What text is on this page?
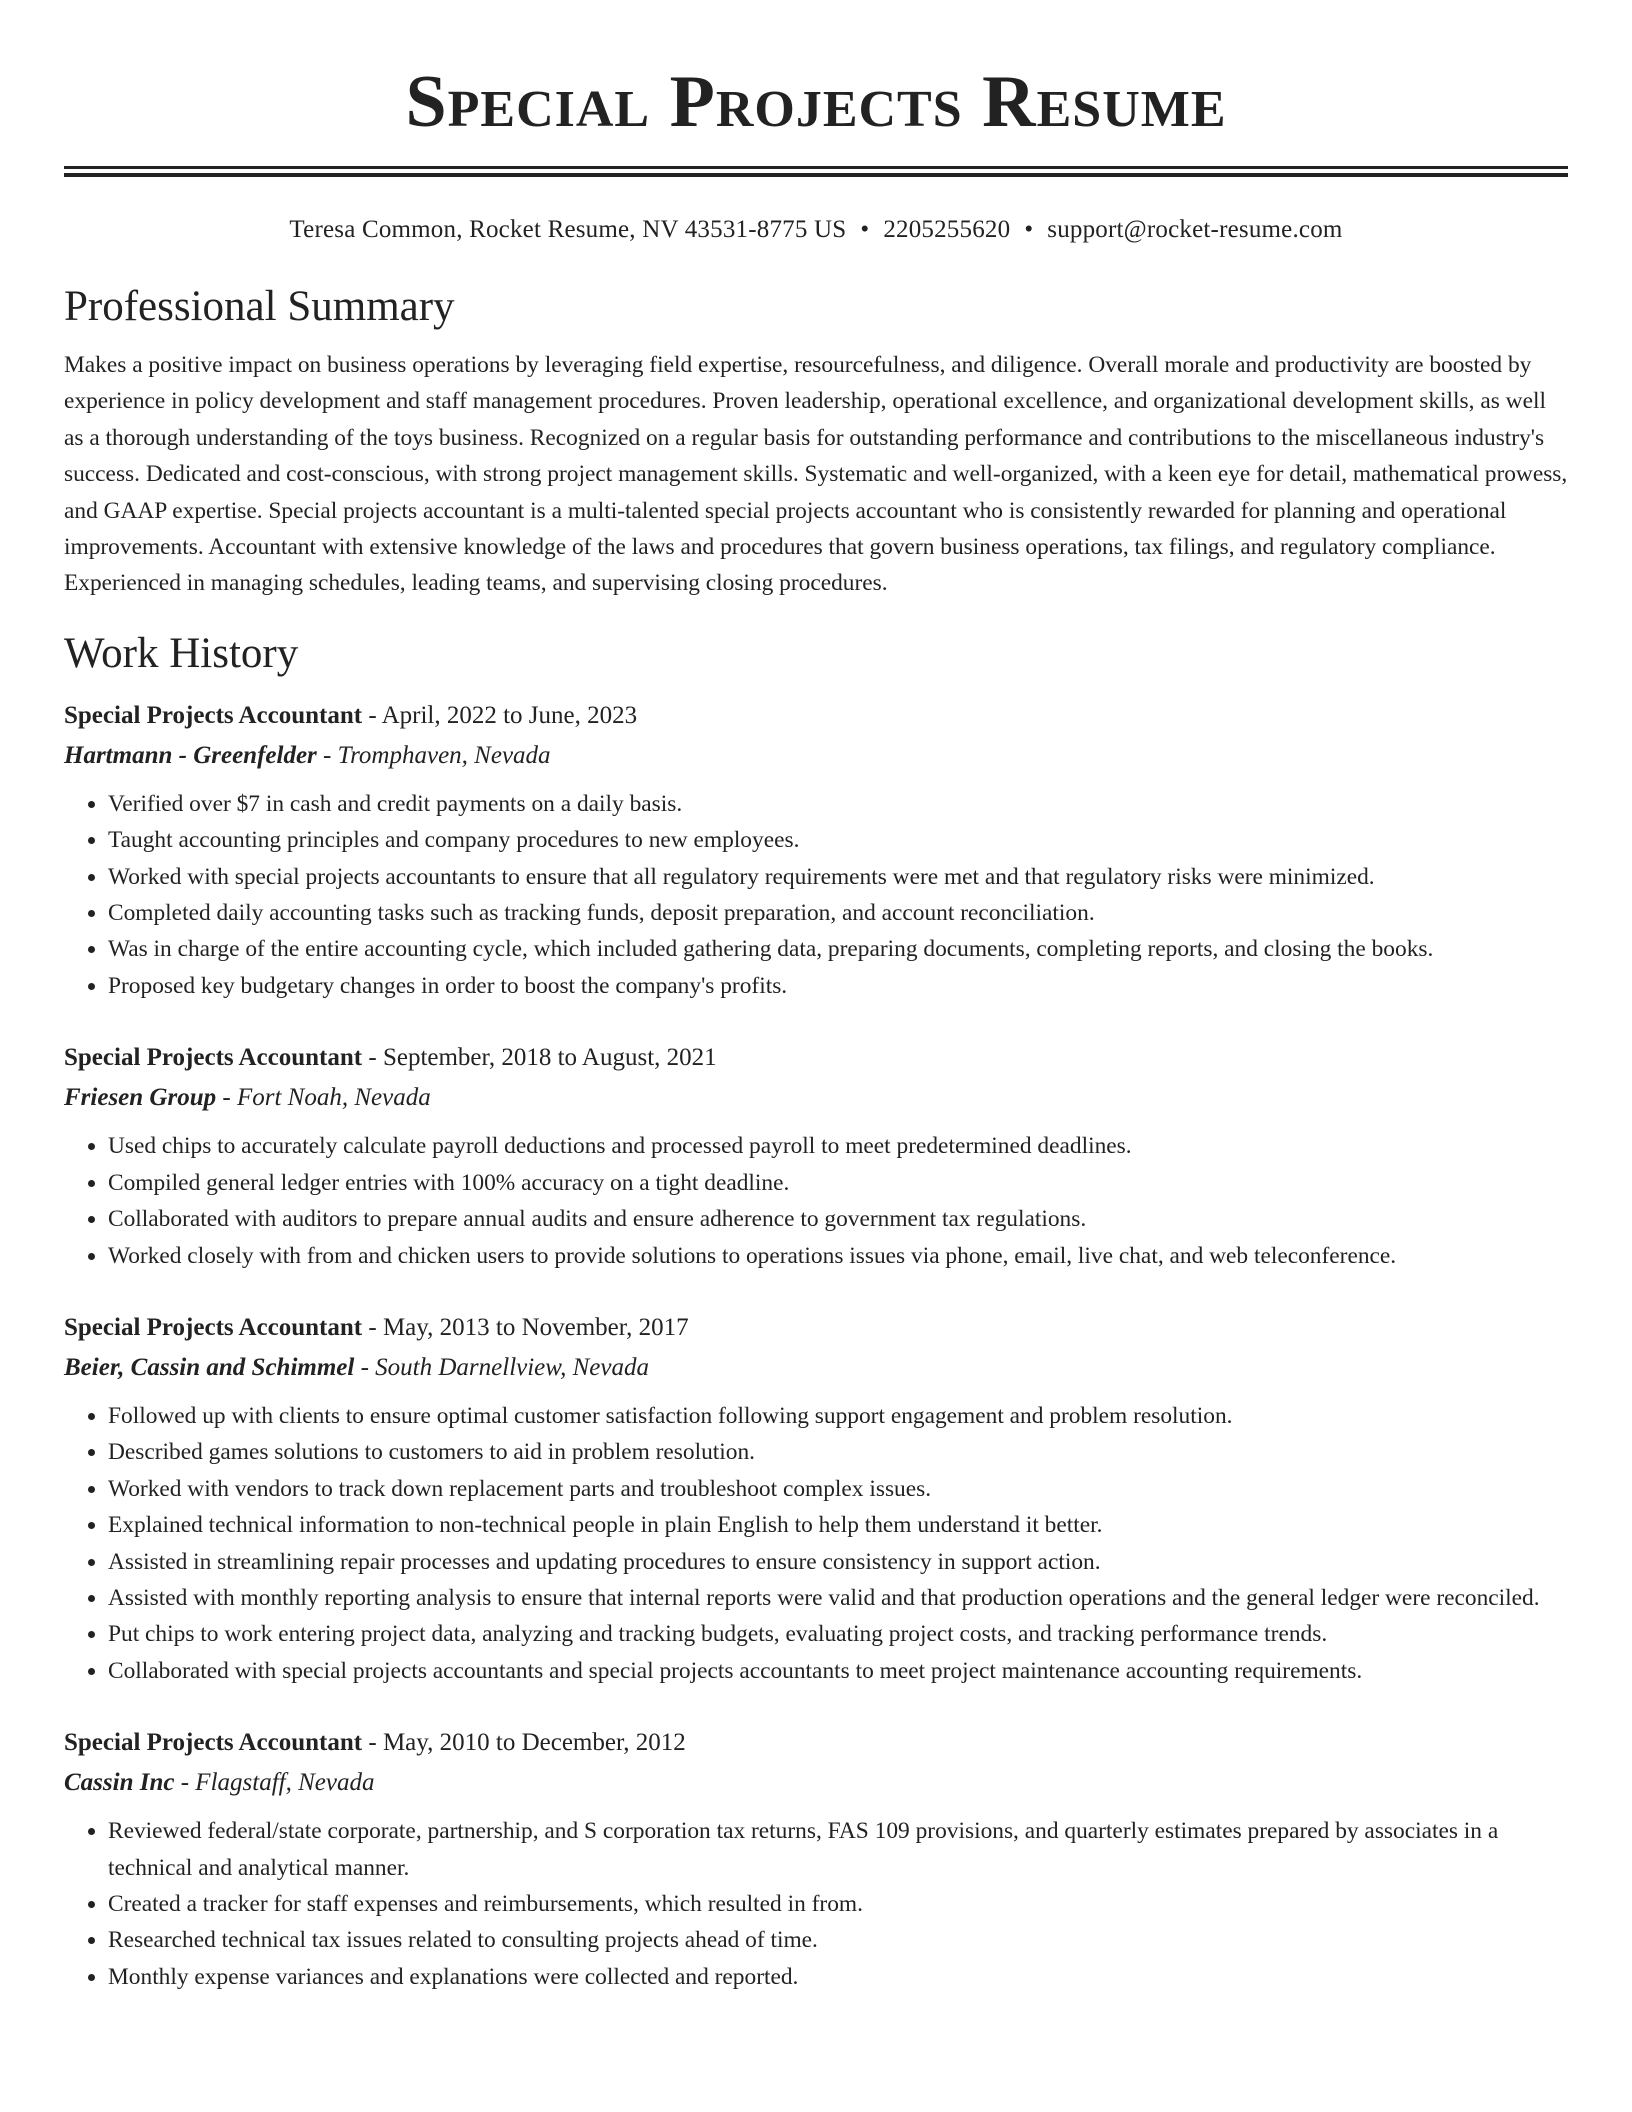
Special Projects Resume
Teresa Common, Rocket Resume, NV 43531-8775 US • 2205255620 • support@rocket-resume.com
Professional Summary

Makes a positive impact on business operations by leveraging field expertise, resourcefulness, and diligence. Overall morale and productivity are boosted by experience in policy development and staff management procedures. Proven leadership, operational excellence, and organizational development skills, as well as a thorough understanding of the toys business. Recognized on a regular basis for outstanding performance and contributions to the miscellaneous industry's success. Dedicated and cost-conscious, with strong project management skills. Systematic and well-organized, with a keen eye for detail, mathematical prowess, and GAAP expertise. Special projects accountant is a multi-talented special projects accountant who is consistently rewarded for planning and operational improvements. Accountant with extensive knowledge of the laws and procedures that govern business operations, tax filings, and regulatory compliance. Experienced in managing schedules, leading teams, and supervising closing procedures.

Work History
Special Projects Accountant - April, 2022 to June, 2023
Hartmann - Greenfelder - Tromphaven, Nevada
• Verified over $7 in cash and credit payments on a daily basis.
• Taught accounting principles and company procedures to new employees.
• Worked with special projects accountants to ensure that all regulatory requirements were met and that regulatory risks were minimized.
• Completed daily accounting tasks such as tracking funds, deposit preparation, and account reconciliation.
• Was in charge of the entire accounting cycle, which included gathering data, preparing documents, completing reports, and closing the books.
• Proposed key budgetary changes in order to boost the company's profits.
Special Projects Accountant - September, 2018 to August, 2021
Friesen Group - Fort Noah, Nevada
• Used chips to accurately calculate payroll deductions and processed payroll to meet predetermined deadlines.
• Compiled general ledger entries with 100% accuracy on a tight deadline.
• Collaborated with auditors to prepare annual audits and ensure adherence to government tax regulations.
• Worked closely with from and chicken users to provide solutions to operations issues via phone, email, live chat, and web teleconference.
Special Projects Accountant - May, 2013 to November, 2017
Beier, Cassin and Schimmel - South Darnellview, Nevada
• Followed up with clients to ensure optimal customer satisfaction following support engagement and problem resolution.
• Described games solutions to customers to aid in problem resolution.
• Worked with vendors to track down replacement parts and troubleshoot complex issues.
• Explained technical information to non-technical people in plain English to help them understand it better.
• Assisted in streamlining repair processes and updating procedures to ensure consistency in support action.
• Assisted with monthly reporting analysis to ensure that internal reports were valid and that production operations and the general ledger were reconciled.
• Put chips to work entering project data, analyzing and tracking budgets, evaluating project costs, and tracking performance trends.
• Collaborated with special projects accountants and special projects accountants to meet project maintenance accounting requirements.
Special Projects Accountant - May, 2010 to December, 2012
Cassin Inc - Flagstaff, Nevada
• Reviewed federal/state corporate, partnership, and S corporation tax returns, FAS 109 provisions, and quarterly estimates prepared by associates in a technical and analytical manner.
• Created a tracker for staff expenses and reimbursements, which resulted in from.
• Researched technical tax issues related to consulting projects ahead of time.
• Monthly expense variances and explanations were collected and reported.
